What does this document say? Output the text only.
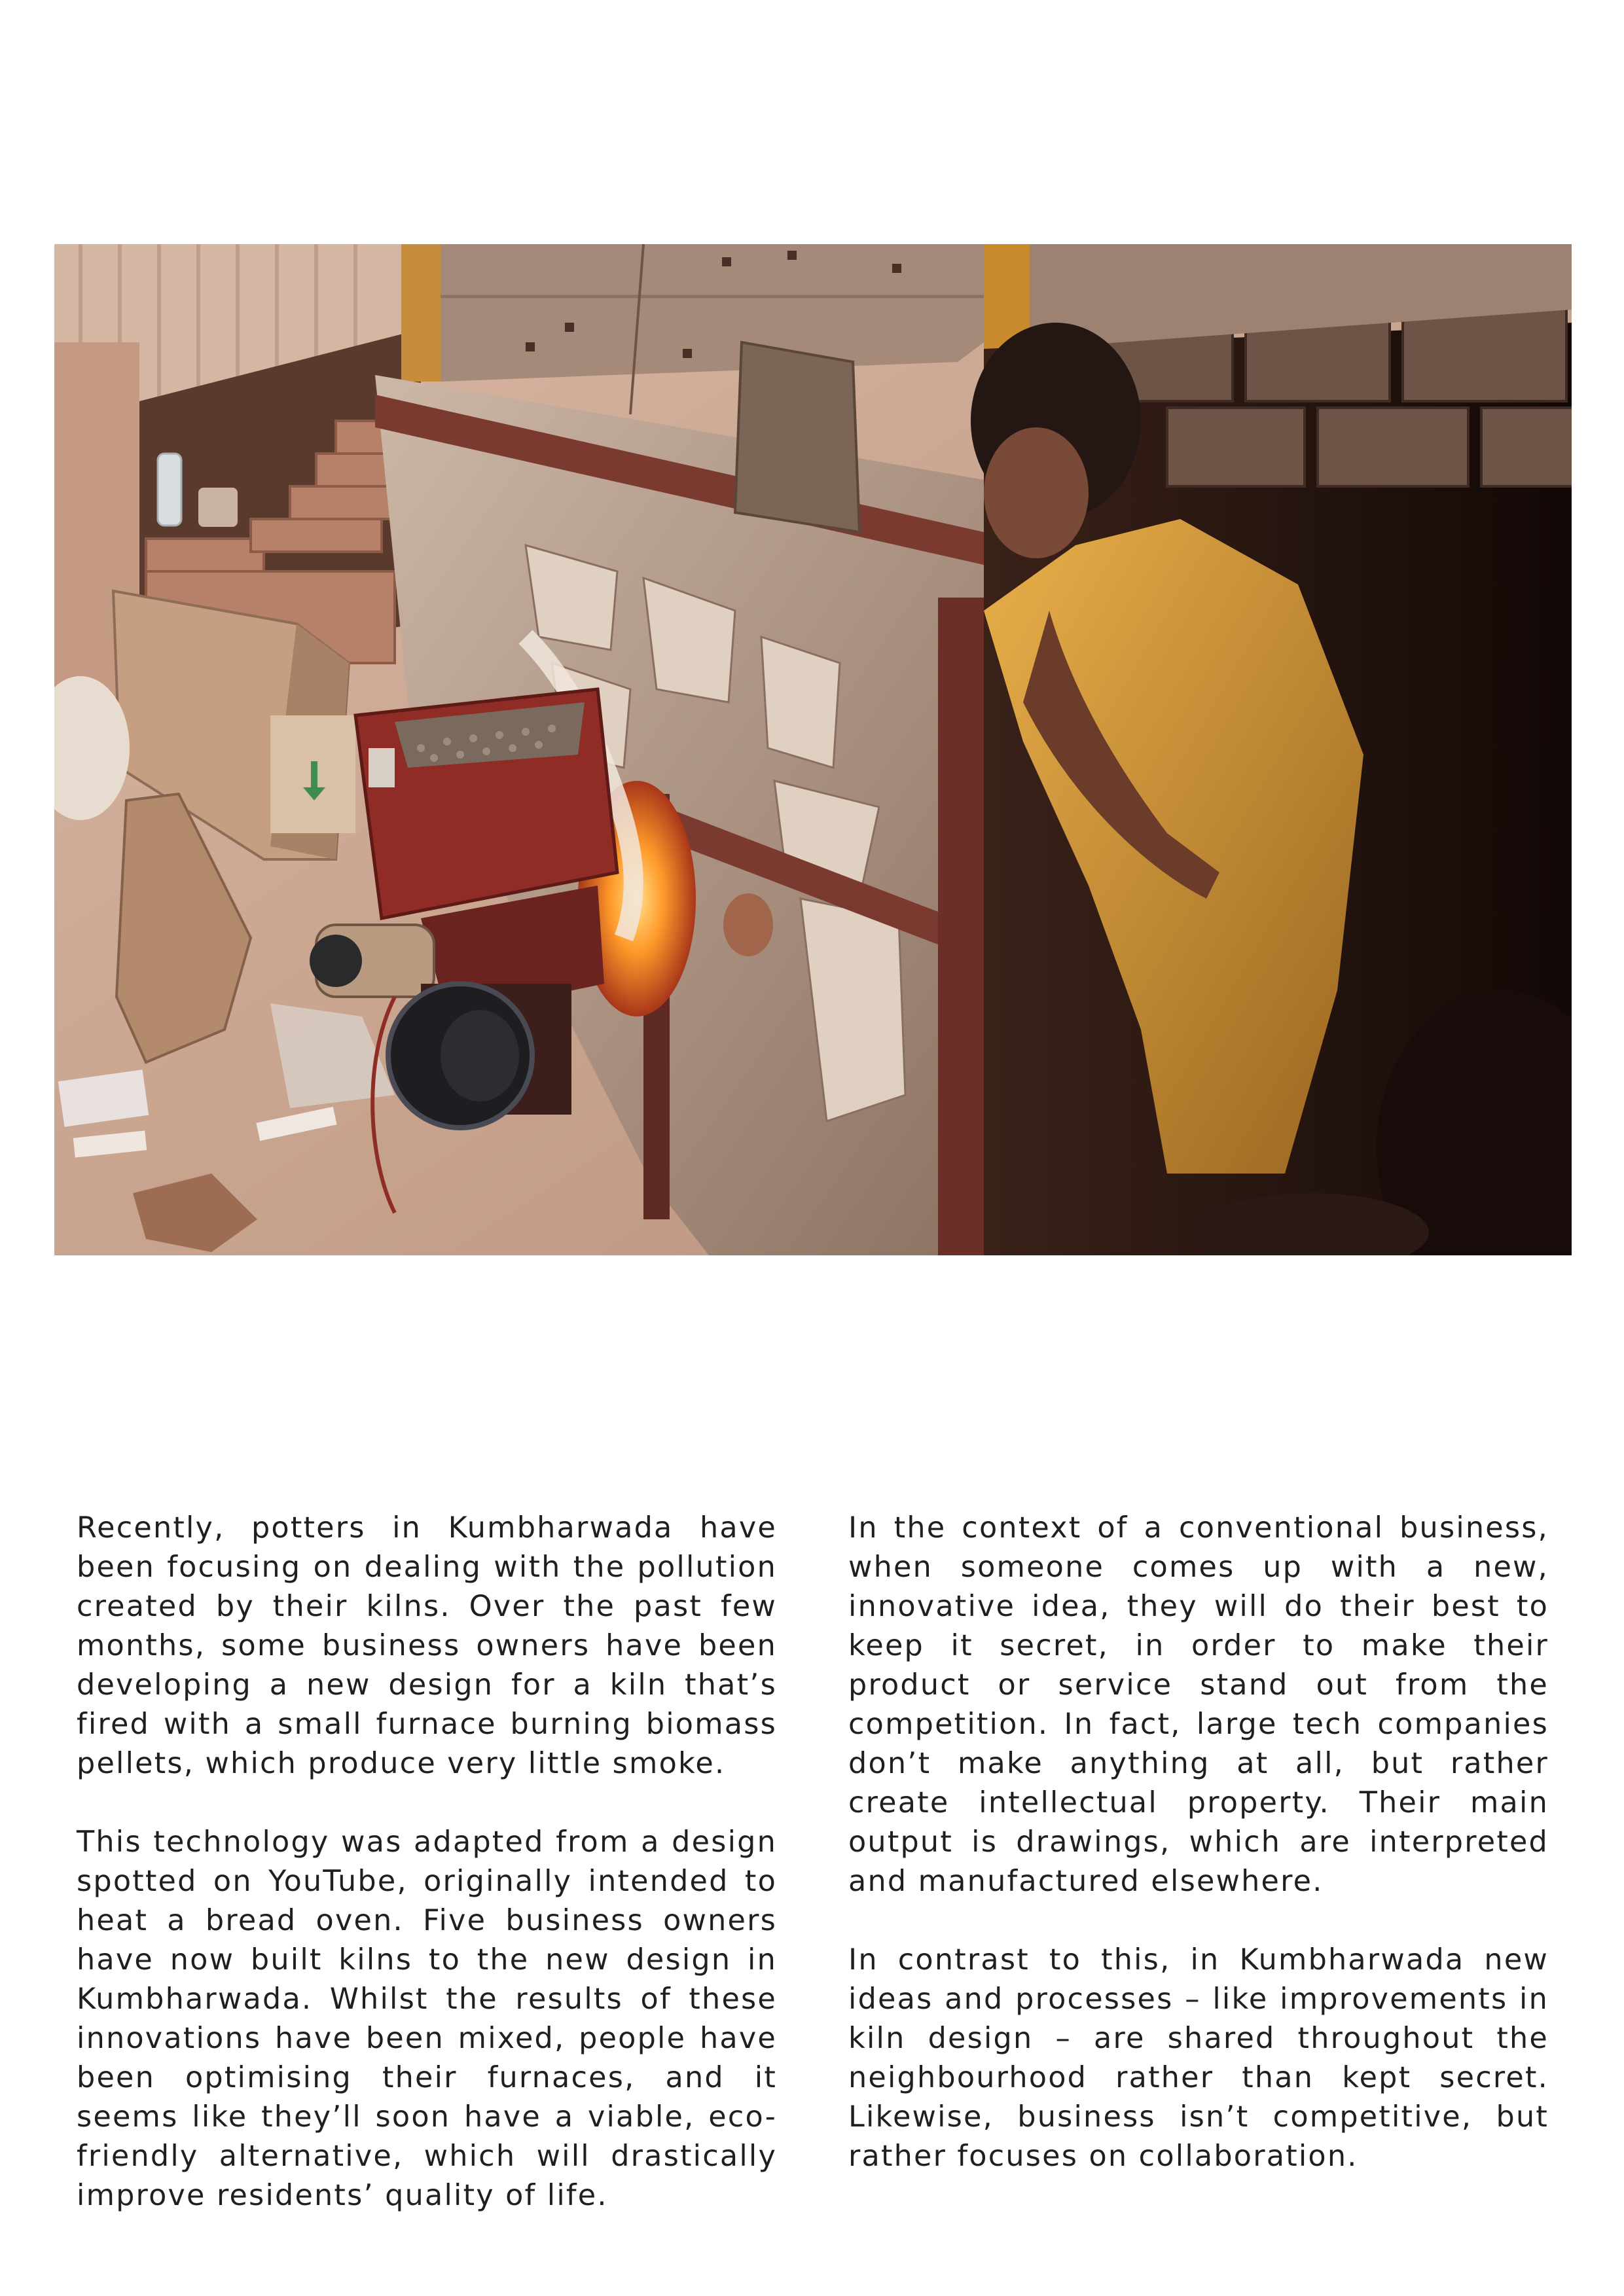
Recently, potters in Kumbharwada have been focusing on dealing with the pollution created by their kilns. Over the past few months, some business owners have been developing a new design for a kiln that’s fired with a small furnace burning biomass pellets, which produce very little smoke.

This technology was adapted from a design spotted on YouTube, originally intended to heat a bread oven. Five business owners have now built kilns to the new design in Kumbharwada. Whilst the results of these innovations have been mixed, people have been optimising their furnaces, and it seems like they’ll soon have a viable, eco-friendly alternative, which will drastically improve residents’ quality of life.

In the context of a conventional business, when someone comes up with a new, innovative idea, they will do their best to keep it secret, in order to make their product or service stand out from the competition. In fact, large tech companies don’t make anything at all, but rather create intellectual property. Their main output is drawings, which are interpreted and manufactured elsewhere.

In contrast to this, in Kumbharwada new ideas and processes – like improvements in kiln design – are shared throughout the neighbourhood rather than kept secret. Likewise, business isn’t competitive, but rather focuses on collaboration.
